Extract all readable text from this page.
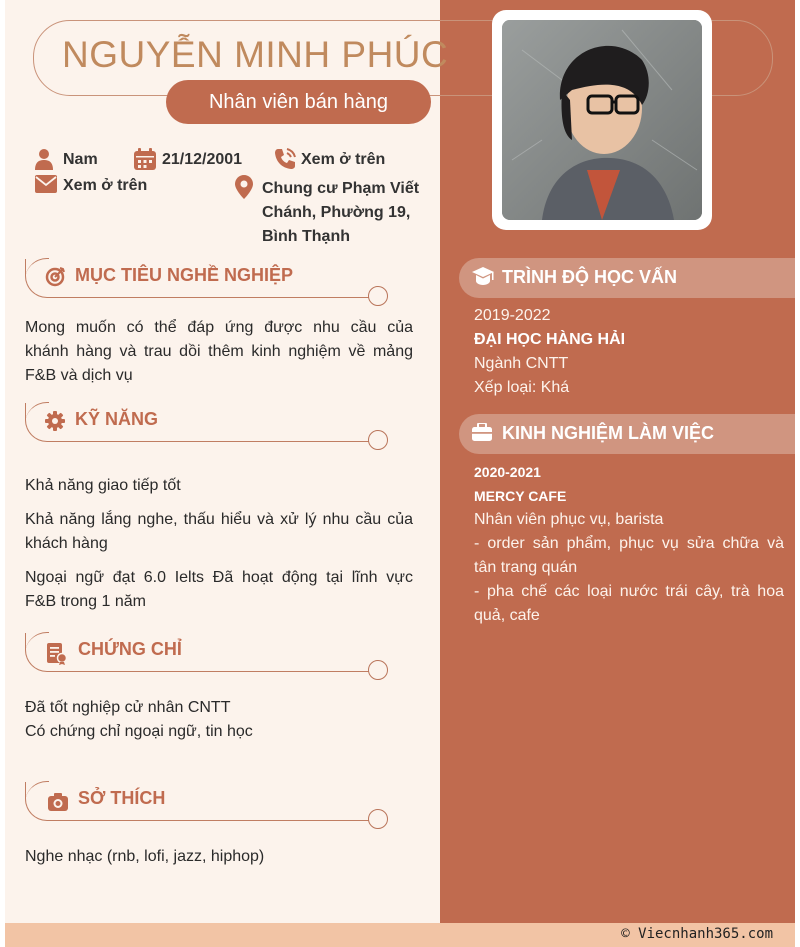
NGUYỄN MINH PHÚC
Nhân viên bán hàng
Nam	21/12/2001	Xem ở trên
Xem ở trên	Chung cư Phạm Viết
Chánh, Phường 19,
Bình Thạnh
MỤC TIÊU NGHỀ NGHIỆP
Mong muốn có thể đáp ứng được nhu cầu của
khánh hàng và trau dồi thêm kinh nghiệm về mảng
F&B và dịch vụ
KỸ NĂNG
Khả năng giao tiếp tốt
Khả năng lắng nghe, thấu hiểu và xử lý nhu cầu của
khách hàng
Ngoại ngữ đạt 6.0 Ielts Đã hoạt động tại lĩnh vực
F&B trong 1 năm
CHỨNG CHỈ
Đã tốt nghiệp cử nhân CNTT
Có chứng chỉ ngoại ngữ, tin học
SỞ THÍCH
Nghe nhạc (rnb, lofi, jazz, hiphop)
TRÌNH ĐỘ HỌC VẤN
2019-2022
ĐẠI HỌC HÀNG HẢI
Ngành CNTT
Xếp loại: Khá
KINH NGHIỆM LÀM VIỆC
2020-2021
MERCY CAFE
Nhân viên phục vụ, barista
- order sản phẩm, phục vụ sửa chữa và
tân trang quán
- pha chế các loại nước trái cây, trà hoa
quả, cafe
© Viecnhanh365.com
